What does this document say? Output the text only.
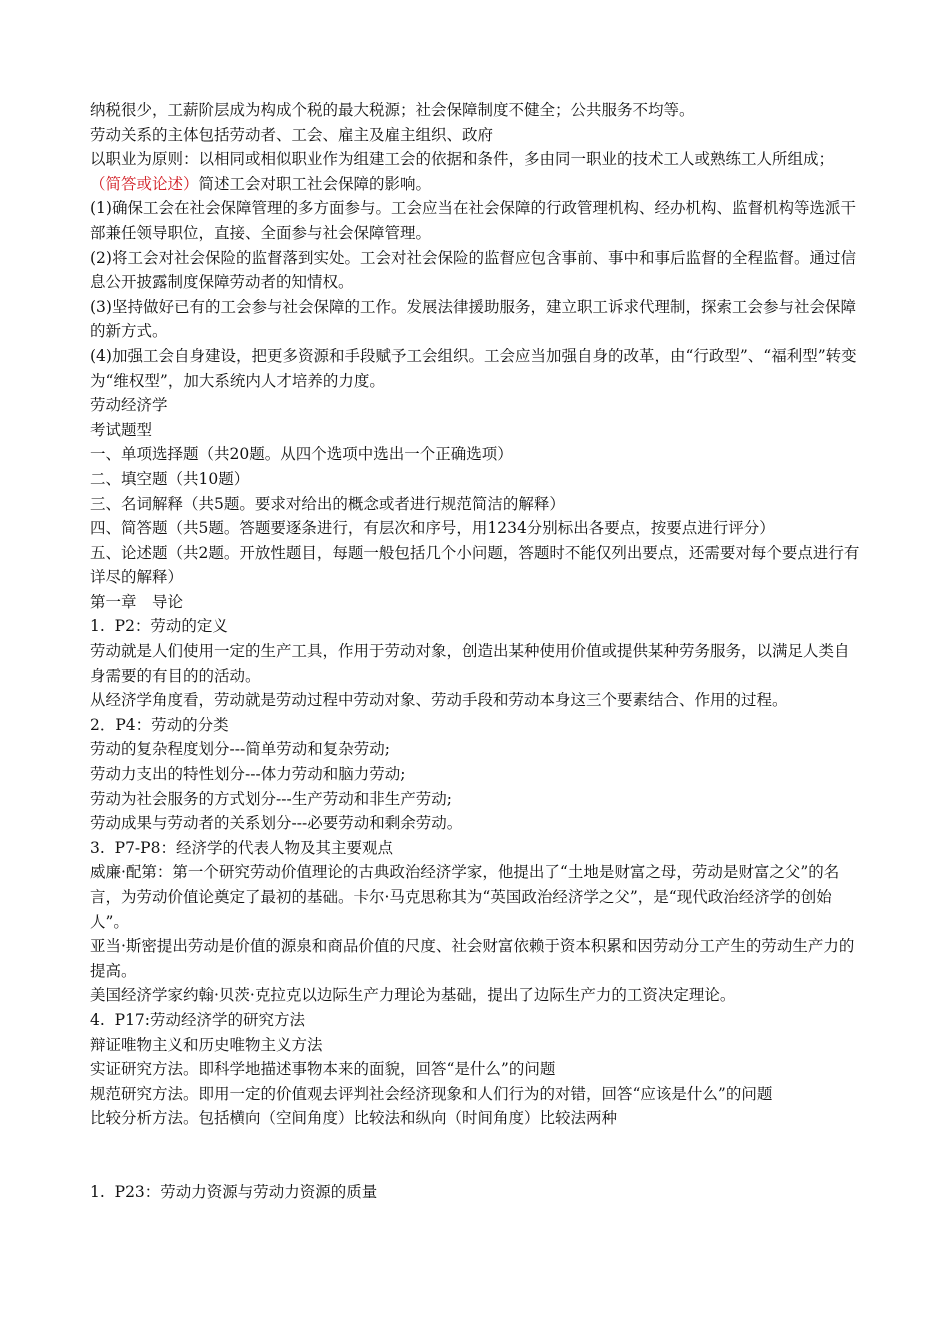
纳税很少，工薪阶层成为构成个税的最大税源；社会保障制度不健全；公共服务不均等。

劳动关系的主体包括劳动者、工会、雇主及雇主组织、政府

以职业为原则：以相同或相似职业作为组建工会的依据和条件，多由同一职业的技术工人或熟练工人所组成；

（简答或论述）简述工会对职工社会保障的影响。

(1)确保工会在社会保障管理的多方面参与。工会应当在社会保障的行政管理机构、经办机构、监督机构等选派干部兼任领导职位，直接、全面参与社会保障管理。

(2)将工会对社会保险的监督落到实处。工会对社会保险的监督应包含事前、事中和事后监督的全程监督。通过信息公开披露制度保障劳动者的知情权。

(3)坚持做好已有的工会参与社会保障的工作。发展法律援助服务，建立职工诉求代理制，探索工会参与社会保障的新方式。

(4)加强工会自身建设，把更多资源和手段赋予工会组织。工会应当加强自身的改革，由“行政型”、“福利型”转变为“维权型”，加大系统内人才培养的力度。

劳动经济学

考试题型

一、单项选择题（共20题。从四个选项中选出一个正确选项）

二、填空题（共10题）

三、名词解释（共5题。要求对给出的概念或者进行规范简洁的解释）

四、简答题（共5题。答题要逐条进行，有层次和序号，用1234分别标出各要点，按要点进行评分）

五、论述题（共2题。开放性题目，每题一般包括几个小问题，答题时不能仅列出要点，还需要对每个要点进行有详尽的解释）

第一章　导论

1.  P2：劳动的定义

劳动就是人们使用一定的生产工具，作用于劳动对象，创造出某种使用价值或提供某种劳务服务，以满足人类自身需要的有目的的活动。

从经济学角度看，劳动就是劳动过程中劳动对象、劳动手段和劳动本身这三个要素结合、作用的过程。

2．P4：劳动的分类

劳动的复杂程度划分---简单劳动和复杂劳动;

劳动力支出的特性划分---体力劳动和脑力劳动;

劳动为社会服务的方式划分---生产劳动和非生产劳动;

劳动成果与劳动者的关系划分---必要劳动和剩余劳动。

3.  P7-P8：经济学的代表人物及其主要观点

威廉·配第：第一个研究劳动价值理论的古典政治经济学家，他提出了“土地是财富之母，劳动是财富之父”的名言，为劳动价值论奠定了最初的基础。卡尔·马克思称其为“英国政治经济学之父”，是“现代政治经济学的创始人”。

亚当·斯密提出劳动是价值的源泉和商品价值的尺度、社会财富依赖于资本积累和因劳动分工产生的劳动生产力的提高。

美国经济学家约翰·贝茨·克拉克以边际生产力理论为基础，提出了边际生产力的工资决定理论。

4.  P17:劳动经济学的研究方法

辩证唯物主义和历史唯物主义方法

实证研究方法。即科学地描述事物本来的面貌，回答“是什么”的问题

规范研究方法。即用一定的价值观去评判社会经济现象和人们行为的对错，回答“应该是什么”的问题

比较分析方法。包括横向（空间角度）比较法和纵向（时间角度）比较法两种

1.  P23：劳动力资源与劳动力资源的质量
